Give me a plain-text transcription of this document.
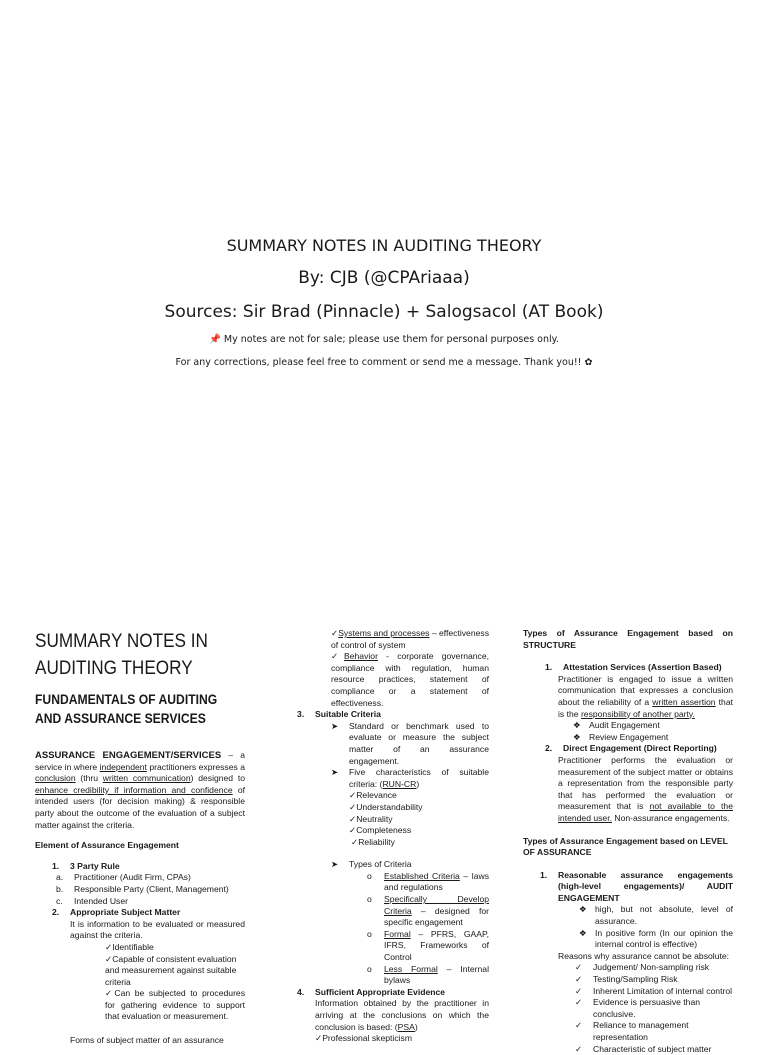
SUMMARY NOTES IN AUDITING THEORY
By: CJB (@CPAriaaa)
Sources: Sir Brad (Pinnacle) + Salogsacol (AT Book)
📌 My notes are not for sale; please use them for personal purposes only.
For any corrections, please feel free to comment or send me a message. Thank you!! ✿
SUMMARY NOTES IN
AUDITING THEORY
FUNDAMENTALS OF AUDITING
AND ASSURANCE SERVICES
ASSURANCE ENGAGEMENT/SERVICES – a service in where independent practitioners expresses a conclusion (thru written communication) designed to enhance credibility if information and confidence of intended users (for decision making) & responsible party about the outcome of the evaluation of a subject matter against the criteria.
Element of Assurance Engagement
1. 3 Party Rule
a. Practitioner (Audit Firm, CPAs)
b. Responsible Party (Client, Management)
c. Intended User
2. Appropriate Subject Matter
It is information to be evaluated or measured against the criteria.
✓ Identifiable
✓ Capable of consistent evaluation and measurement against suitable criteria
✓ Can be subjected to procedures for gathering evidence to support that evaluation or measurement.
Forms of subject matter of an assurance
✓ Systems and processes – effectiveness of control of system
✓ Behavior - corporate governance, compliance with regulation, human resource practices, statement of compliance or a statement of effectiveness.
3. Suitable Criteria
➤ Standard or benchmark used to evaluate or measure the subject matter of an assurance engagement.
➤ Five characteristics of suitable criteria: (RUN-CR)
✓ Relevance
✓ Understandability
✓ Neutrality
✓ Completeness
✓ Reliability
➤ Types of Criteria
o Established Criteria – laws and regulations
o Specifically Develop Criteria – designed for specific engagement
o Formal – PFRS, GAAP, IFRS, Frameworks of Control
o Less Formal – Internal bylaws
4. Sufficient Appropriate Evidence
Information obtained by the practitioner in arriving at the conclusions on which the conclusion is based: (PSA)
✓ Professional skepticism
Types of Assurance Engagement based on STRUCTURE
1. Attestation Services (Assertion Based)
Practitioner is engaged to issue a written communication that expresses a conclusion about the reliability of a written assertion that is the responsibility of another party.
❖ Audit Engagement
❖ Review Engagement
2. Direct Engagement (Direct Reporting)
Practitioner performs the evaluation or measurement of the subject matter or obtains a representation from the responsible party that has performed the evaluation or measurement that is not available to the intended user. Non-assurance engagements.
Types of Assurance Engagement based on LEVEL OF ASSURANCE
1. Reasonable assurance engagements (high-level engagements)/ AUDIT ENGAGEMENT
❖ high, but not absolute, level of assurance.
❖ In positive form (In our opinion the internal control is effective)
Reasons why assurance cannot be absolute:
✓ Judgement/ Non-sampling risk
✓ Testing/Sampling Risk
✓ Inherent Limitation of internal control
✓ Evidence is persuasive than conclusive.
✓ Reliance to management representation
✓ Characteristic of subject matter
